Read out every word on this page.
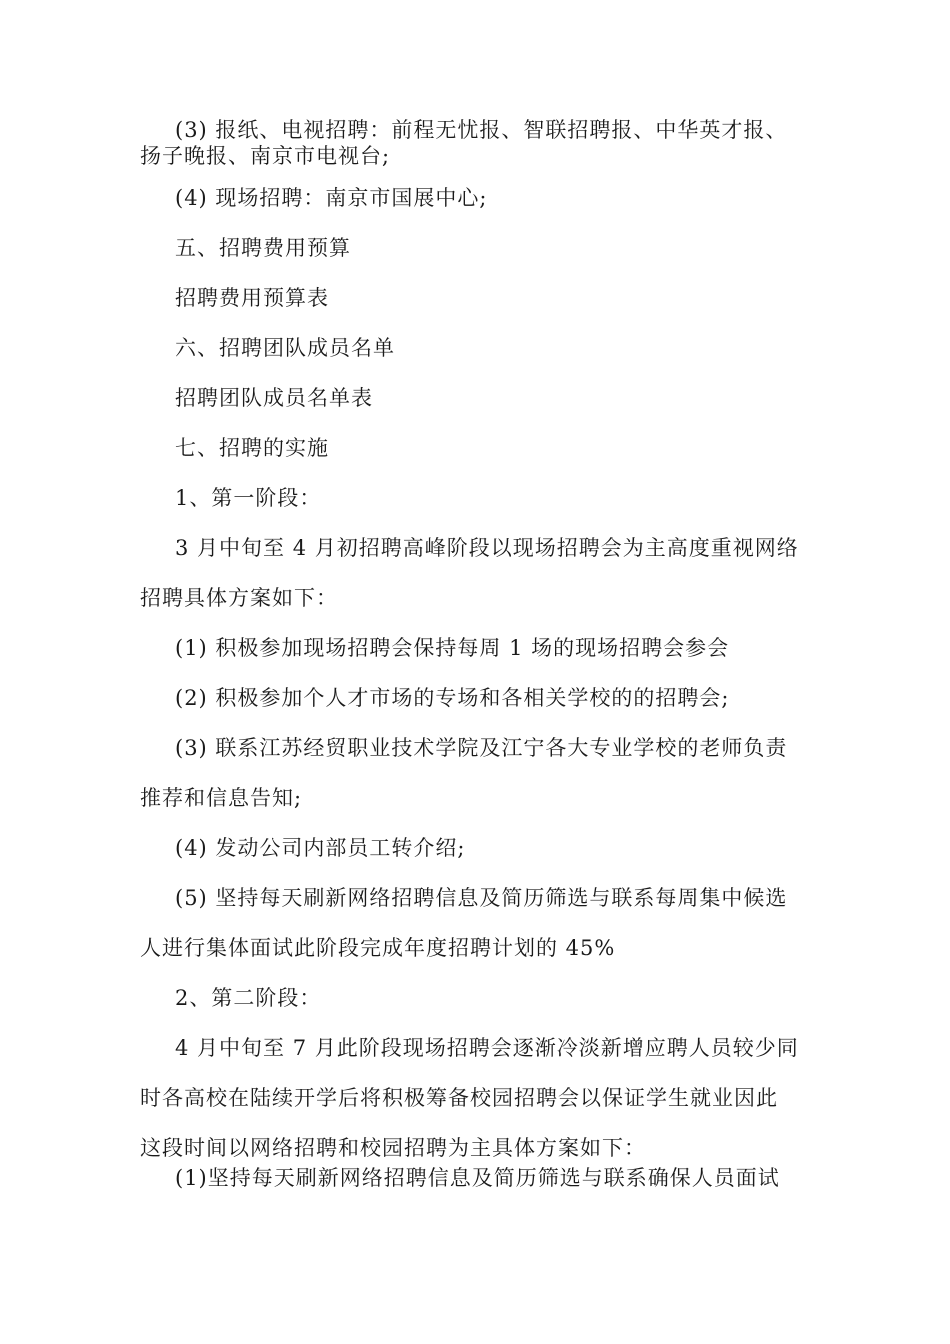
(3) 报纸、电视招聘：前程无忧报、智联招聘报、中华英才报、
扬子晚报、南京市电视台;
(4) 现场招聘：南京市国展中心;
五、招聘费用预算
招聘费用预算表
六、招聘团队成员名单
招聘团队成员名单表
七、招聘的实施
1、第一阶段：
3 月中旬至 4 月初招聘高峰阶段以现场招聘会为主高度重视网络
招聘具体方案如下：
(1) 积极参加现场招聘会保持每周 1 场的现场招聘会参会
(2) 积极参加个人才市场的专场和各相关学校的的招聘会;
(3) 联系江苏经贸职业技术学院及江宁各大专业学校的老师负责
推荐和信息告知;
(4) 发动公司内部员工转介绍;
(5) 坚持每天刷新网络招聘信息及简历筛选与联系每周集中候选
人进行集体面试此阶段完成年度招聘计划的 45%
2、第二阶段：
4 月中旬至 7 月此阶段现场招聘会逐渐冷淡新增应聘人员较少同
时各高校在陆续开学后将积极筹备校园招聘会以保证学生就业因此
这段时间以网络招聘和校园招聘为主具体方案如下：
(1)坚持每天刷新网络招聘信息及简历筛选与联系确保人员面试
